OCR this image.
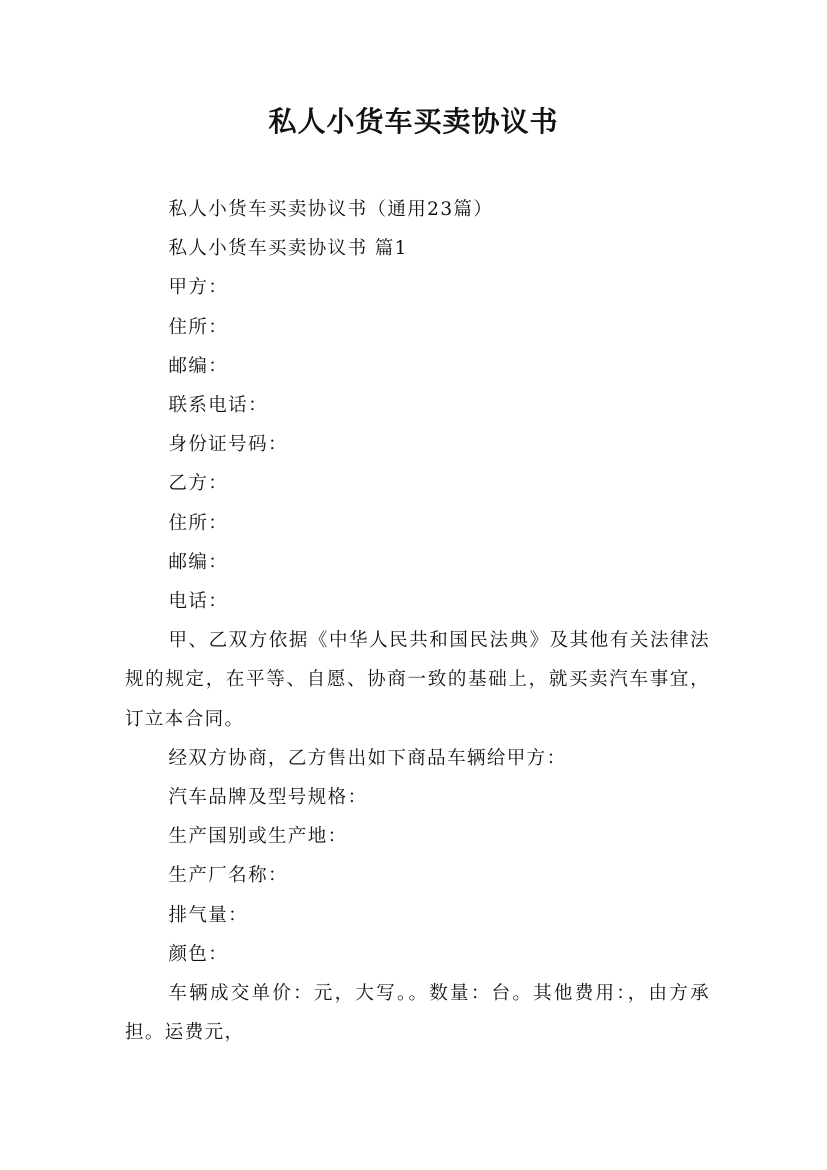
私人小货车买卖协议书

私人小货车买卖协议书（通用23篇）

私人小货车买卖协议书 篇1

甲方：

住所：

邮编：

联系电话：

身份证号码：

乙方：

住所：

邮编：

电话：

甲、乙双方依据《中华人民共和国民法典》及其他有关法律法规的规定，在平等、自愿、协商一致的基础上，就买卖汽车事宜，订立本合同。

经双方协商，乙方售出如下商品车辆给甲方：

汽车品牌及型号规格：

生产国别或生产地：

生产厂名称：

排气量：

颜色：

车辆成交单价：元，大写。。数量：台。其他费用：，由方承担。运费元，
